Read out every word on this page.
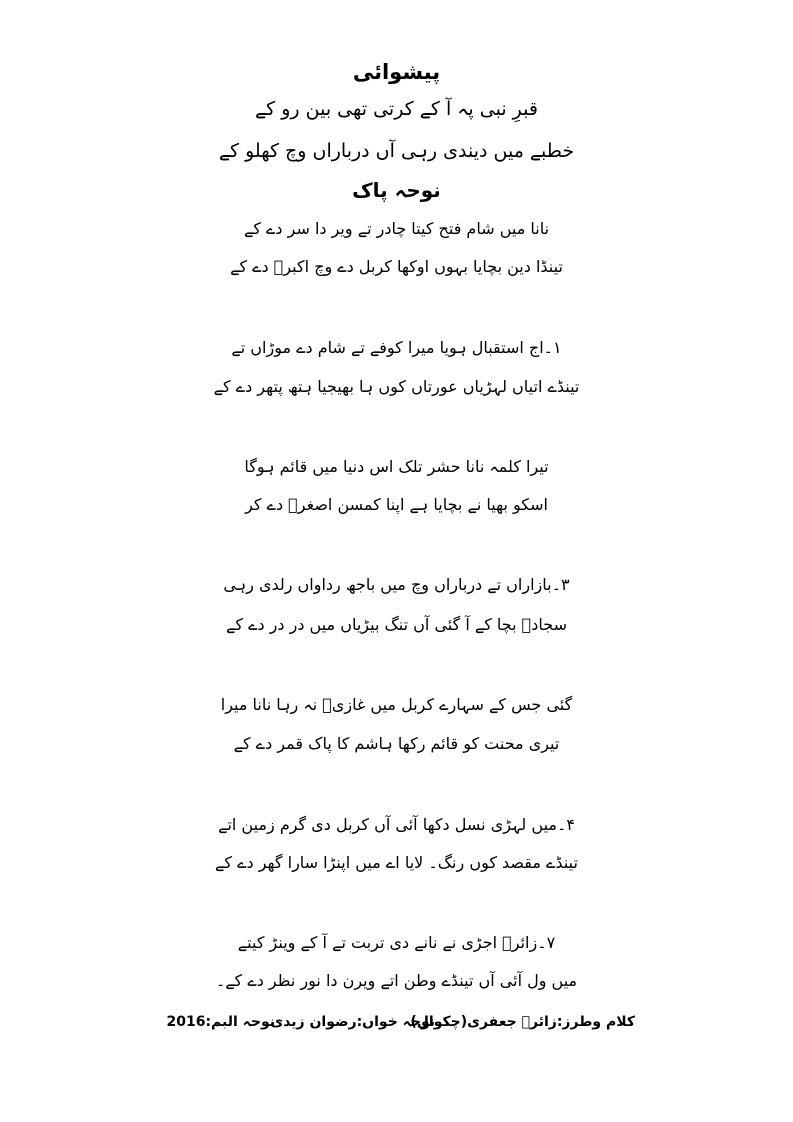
پیشوائی
قبرِ نبی پہ آ کے کرتی تھی بین رو کے
خطبے میں دیندی رہی آں درباراں وچ کھلو کے
نوحہ پاک
نانا میں شام فتح کیتا چادر تے ویر دا سر دے کے
تینڈا دین بچایا بہوں اوکھا کربل دے وچ اکبرؑ دے کے
۱۔اج استقبال ہویا میرا کوفے تے شام دے موڑاں تے
تینڈے اتیاں لہڑیاں عورتاں کوں ہا بھیجیا ہتھ پتھر دے کے
تیرا کلمہ نانا حشر تلک اس دنیا میں قائم ہوگا
اسکو بھیا نے بچایا ہے اپنا کمسن اصغرؑ دے کر
۳۔بازاراں تے درباراں وچ میں باجھ رداواں رلدی رہی
سجادؑ بچا کے آ گئی آں تنگ بیڑیاں میں در در دے کے
گئی جس کے سہارے کربل میں غازیؑ نہ رہا نانا میرا
تیری محنت کو قائم رکھا ہاشم کا پاک قمر دے کے
۴۔میں لہڑی نسل دکھا آئی آں کربل دی گرم زمین اتے
تینڈے مقصد کوں رنگ۔ لایا اے میں اپنڑا سارا گھر دے کے
۷۔زائرؔ اجڑی نے نانے دی تربت تے آ کے وینڑ کیتے
میں ول آئی آں تینڈے وطن اتے ویرن دا نور نظر دے کے۔
کلام وطرز:زائرؔ جعفری(چکوال)
نوحہ خواں:رضوان زیدی
نوحہ البم:2016
